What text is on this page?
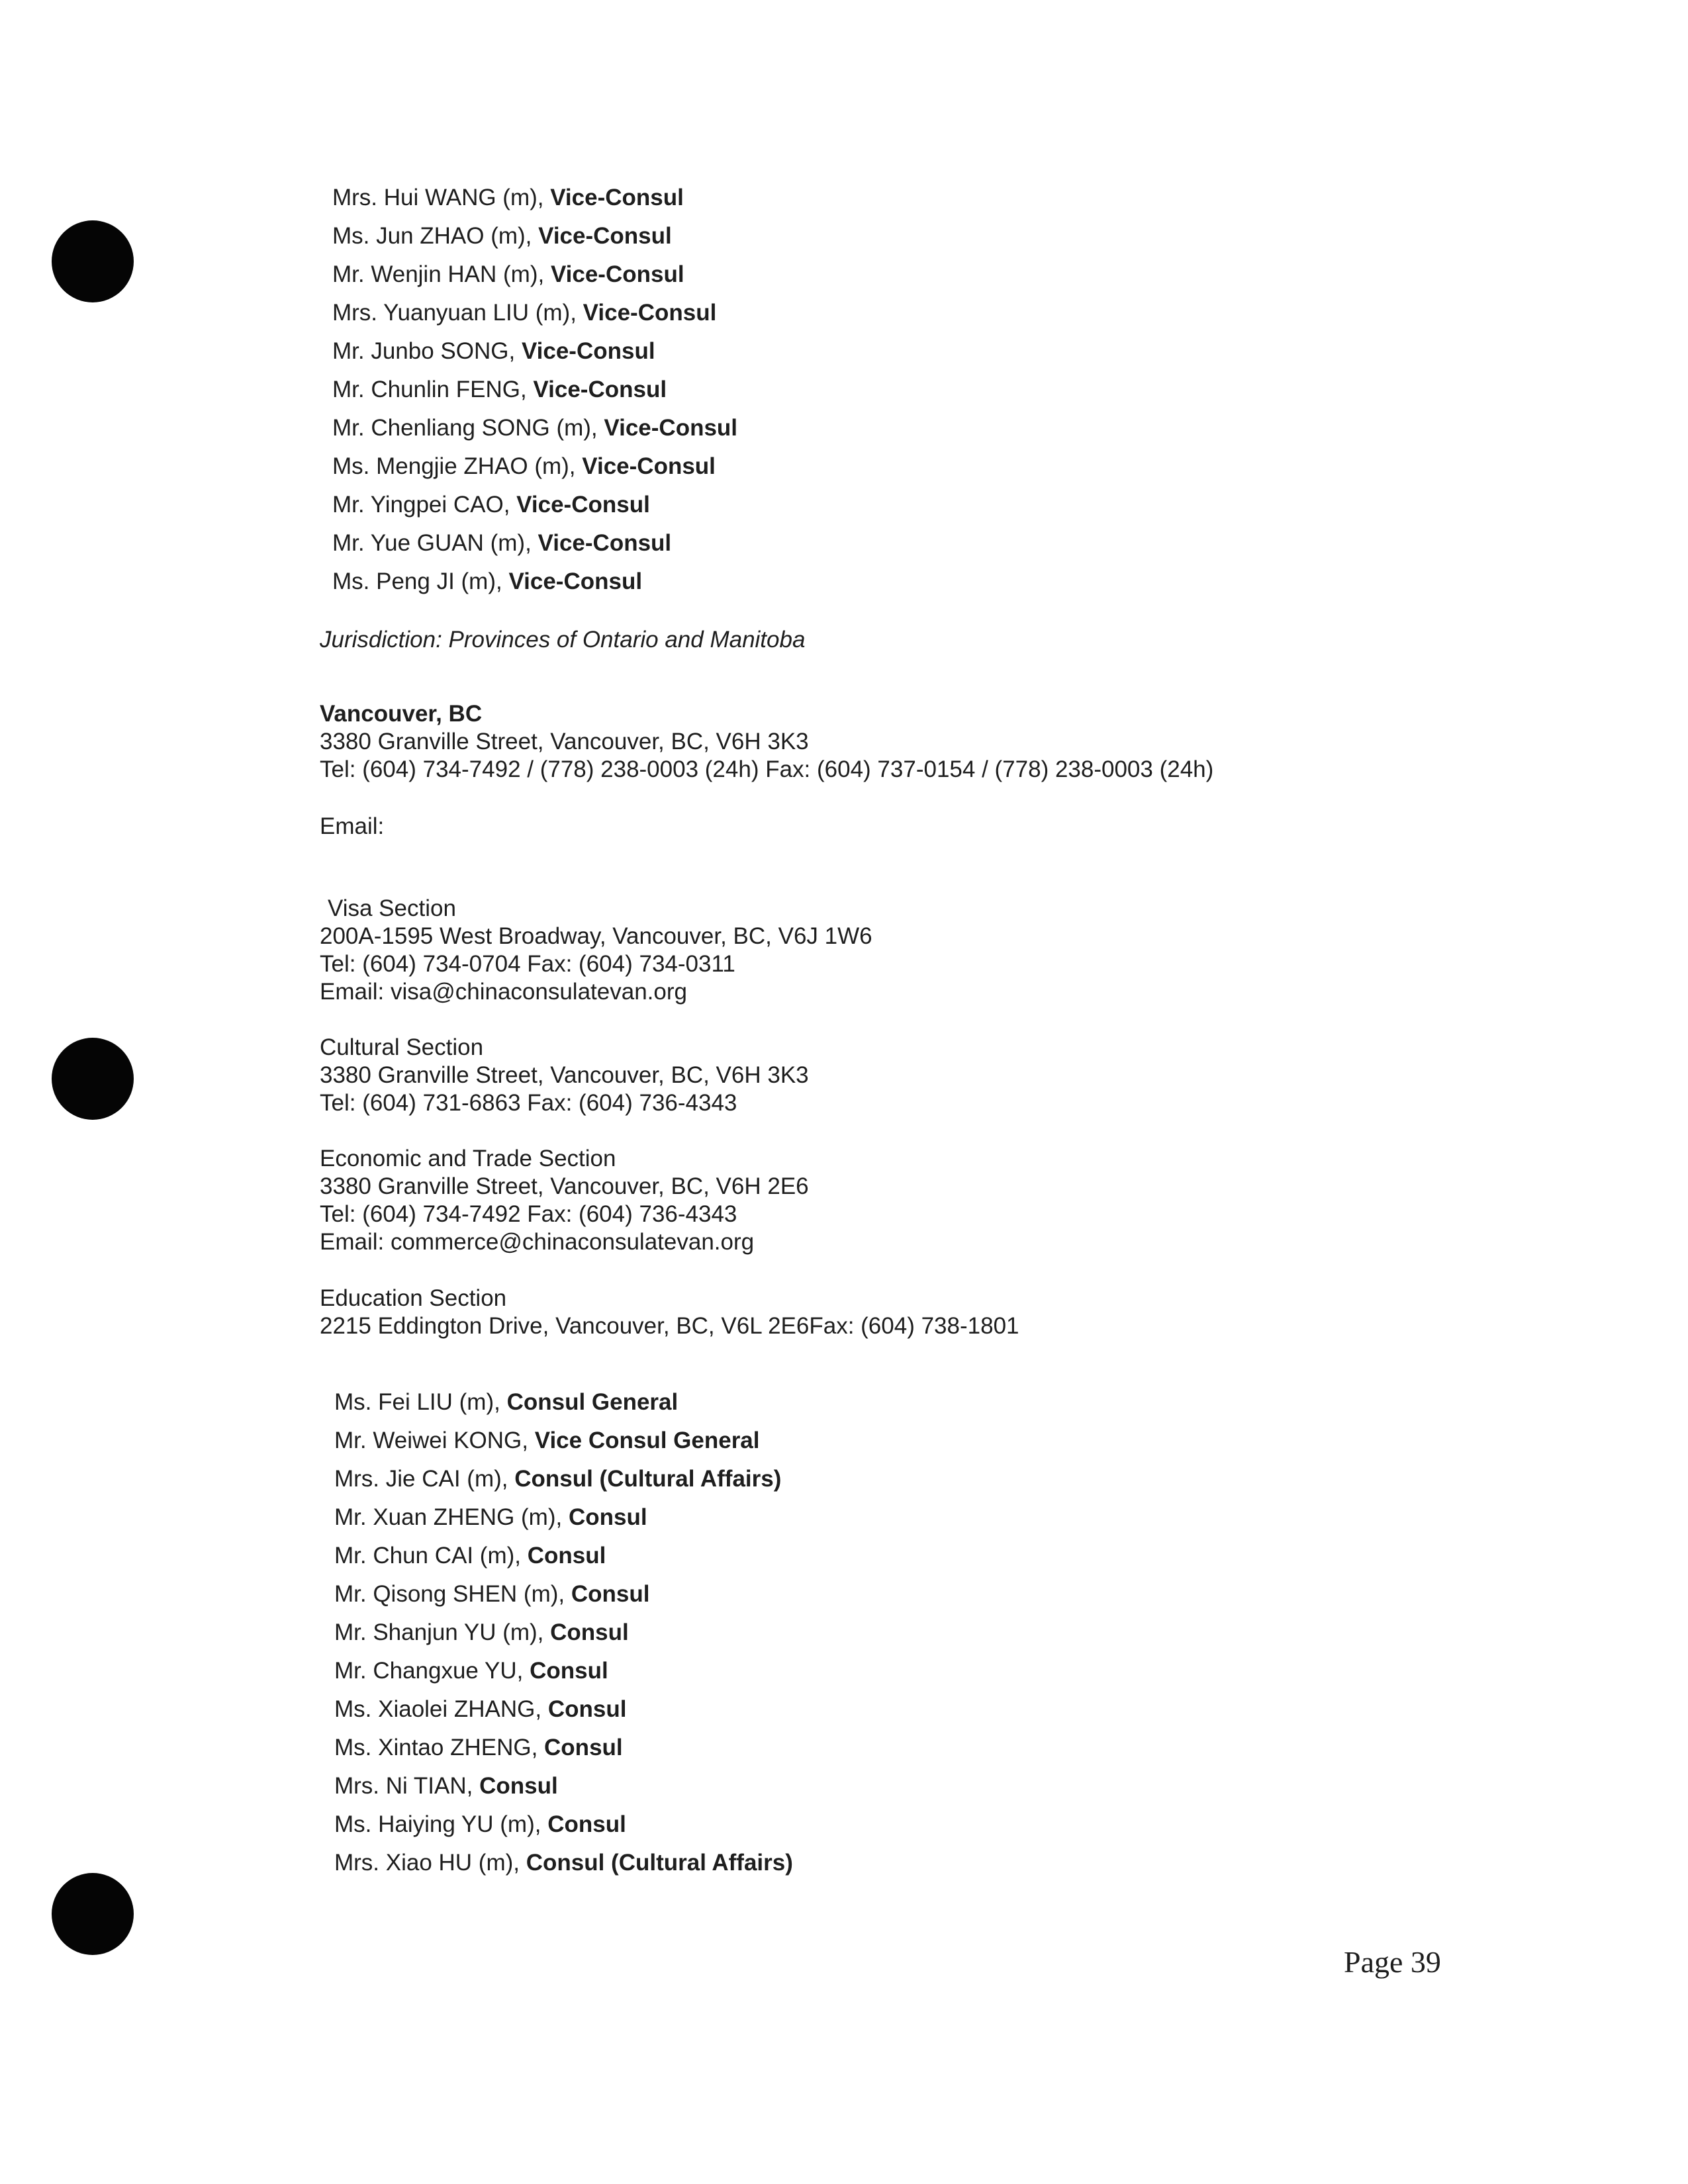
Mrs. Hui WANG (m), Vice-Consul
Ms. Jun ZHAO (m), Vice-Consul
Mr. Wenjin HAN (m), Vice-Consul
Mrs. Yuanyuan LIU (m), Vice-Consul
Mr. Junbo SONG, Vice-Consul
Mr. Chunlin FENG, Vice-Consul
Mr. Chenliang SONG (m), Vice-Consul
Ms. Mengjie ZHAO (m), Vice-Consul
Mr. Yingpei CAO, Vice-Consul
Mr. Yue GUAN (m), Vice-Consul
Ms. Peng JI (m), Vice-Consul

Jurisdiction: Provinces of Ontario and Manitoba

Vancouver, BC
3380 Granville Street, Vancouver, BC, V6H 3K3
Tel: (604) 734-7492 / (778) 238-0003 (24h) Fax: (604) 737-0154 / (778) 238-0003 (24h)
Email:
Visa Section
200A-1595 West Broadway, Vancouver, BC, V6J 1W6
Tel: (604) 734-0704 Fax: (604) 734-0311
Email: visa@chinaconsulatevan.org
Cultural Section
3380 Granville Street, Vancouver, BC, V6H 3K3
Tel: (604) 731-6863 Fax: (604) 736-4343
Economic and Trade Section
3380 Granville Street, Vancouver, BC, V6H 2E6
Tel: (604) 734-7492 Fax: (604) 736-4343
Email: commerce@chinaconsulatevan.org
Education Section
2215 Eddington Drive, Vancouver, BC, V6L 2E6Fax: (604) 738-1801
Ms. Fei LIU (m), Consul General
Mr. Weiwei KONG, Vice Consul General
Mrs. Jie CAI (m), Consul (Cultural Affairs)
Mr. Xuan ZHENG (m), Consul
Mr. Chun CAI (m), Consul
Mr. Qisong SHEN (m), Consul
Mr. Shanjun YU (m), Consul
Mr. Changxue YU, Consul
Ms. Xiaolei ZHANG, Consul
Ms. Xintao ZHENG, Consul
Mrs. Ni TIAN, Consul
Ms. Haiying YU (m), Consul
Mrs. Xiao HU (m), Consul (Cultural Affairs)
Page 39
